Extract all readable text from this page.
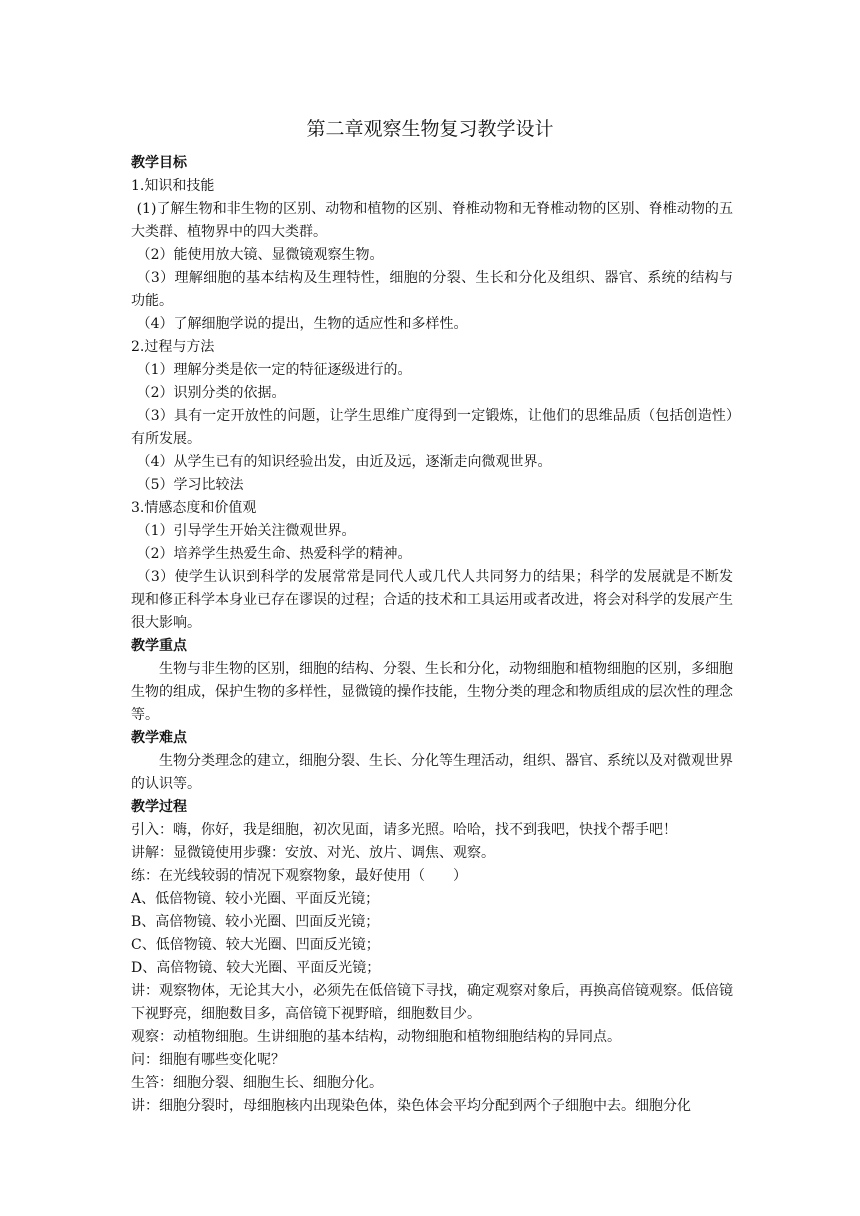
第二章观察生物复习教学设计

教学目标

1.知识和技能

(1)了解生物和非生物的区别、动物和植物的区别、脊椎动物和无脊椎动物的区别、脊椎动物的五大类群、植物界中的四大类群。

（2）能使用放大镜、显微镜观察生物。

（3）理解细胞的基本结构及生理特性，细胞的分裂、生长和分化及组织、器官、系统的结构与功能。

（4）了解细胞学说的提出，生物的适应性和多样性。

2.过程与方法

（1）理解分类是依一定的特征逐级进行的。

（2）识别分类的依据。

（3）具有一定开放性的问题，让学生思维广度得到一定锻炼，让他们的思维品质（包括创造性）有所发展。

（4）从学生已有的知识经验出发，由近及远，逐渐走向微观世界。

（5）学习比较法

3.情感态度和价值观

（1）引导学生开始关注微观世界。

（2）培养学生热爱生命、热爱科学的精神。

（3）使学生认识到科学的发展常常是同代人或几代人共同努力的结果；科学的发展就是不断发现和修正科学本身业已存在谬误的过程；合适的技术和工具运用或者改进，将会对科学的发展产生很大影响。

教学重点

生物与非生物的区别，细胞的结构、分裂、生长和分化，动物细胞和植物细胞的区别，多细胞生物的组成，保护生物的多样性，显微镜的操作技能，生物分类的理念和物质组成的层次性的理念等。

教学难点

生物分类理念的建立，细胞分裂、生长、分化等生理活动，组织、器官、系统以及对微观世界的认识等。

教学过程

引入：嗨，你好，我是细胞，初次见面，请多光照。哈哈，找不到我吧，快找个帮手吧！

讲解：显微镜使用步骤：安放、对光、放片、调焦、观察。

练：在光线较弱的情况下观察物象，最好使用（　　）

A、低倍物镜、较小光圈、平面反光镜；

B、高倍物镜、较小光圈、凹面反光镜；

C、低倍物镜、较大光圈、凹面反光镜；

D、高倍物镜、较大光圈、平面反光镜；

讲：观察物体，无论其大小，必须先在低倍镜下寻找，确定观察对象后，再换高倍镜观察。低倍镜下视野亮，细胞数目多，高倍镜下视野暗，细胞数目少。

观察：动植物细胞。生讲细胞的基本结构，动物细胞和植物细胞结构的异同点。

问：细胞有哪些变化呢？

生答：细胞分裂、细胞生长、细胞分化。

讲：细胞分裂时，母细胞核内出现染色体，染色体会平均分配到两个子细胞中去。细胞分化
